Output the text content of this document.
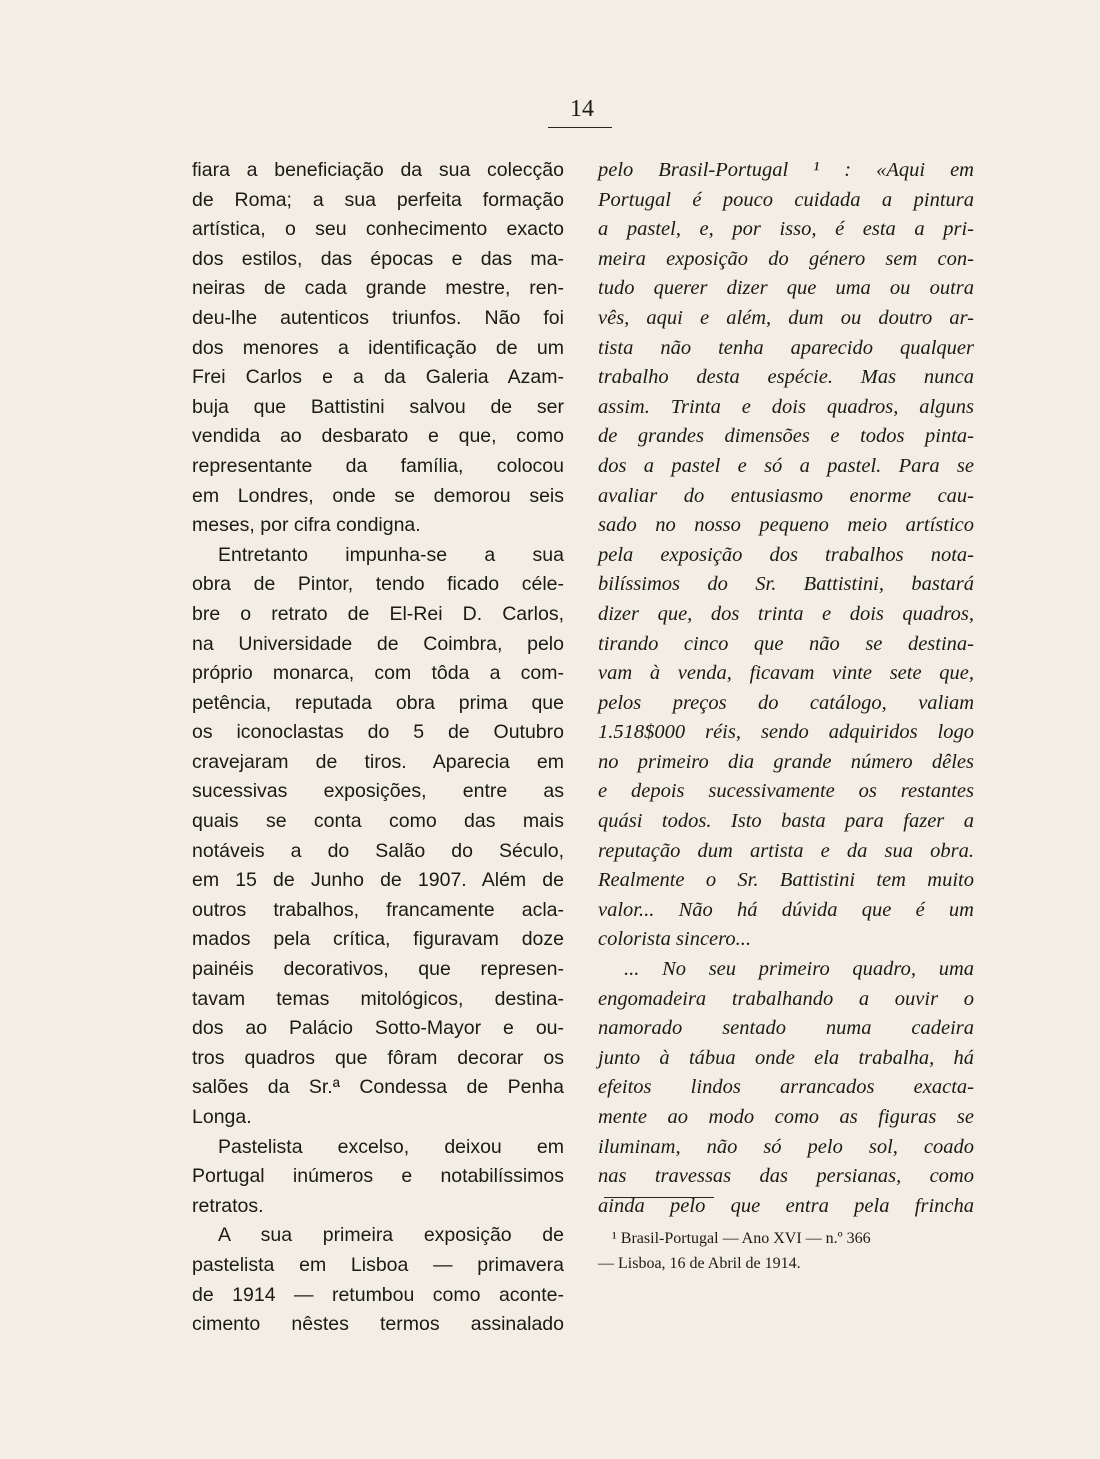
14
fiara a beneficiação da sua colecção
de Roma; a sua perfeita formação
artística, o seu conhecimento exacto
dos estilos, das épocas e das ma-
neiras de cada grande mestre, ren-
deu-lhe autenticos triunfos. Não foi
dos menores a identificação de um
Frei Carlos e a da Galeria Azam-
buja que Battistini salvou de ser
vendida ao desbarato e que, como
representante da família, colocou
em Londres, onde se demorou seis
meses, por cifra condigna.
Entretanto impunha-se a sua
obra de Pintor, tendo ficado céle-
bre o retrato de El-Rei D. Carlos,
na Universidade de Coimbra, pelo
próprio monarca, com tôda a com-
petência, reputada obra prima que
os iconoclastas do 5 de Outubro
cravejaram de tiros. Aparecia em
sucessivas exposições, entre as
quais se conta como das mais
notáveis a do Salão do Século,
em 15 de Junho de 1907. Além de
outros trabalhos, francamente acla-
mados pela crítica, figuravam doze
painéis decorativos, que represen-
tavam temas mitológicos, destina-
dos ao Palácio Sotto-Mayor e ou-
tros quadros que fôram decorar os
salões da Sr.ª Condessa de Penha
Longa.
Pastelista excelso, deixou em
Portugal inúmeros e notabilíssimos
retratos.
A sua primeira exposição de
pastelista em Lisboa — primavera
de 1914 — retumbou como aconte-
cimento nêstes termos assinalado
pelo Brasil-Portugal ¹ : «Aqui em
Portugal é pouco cuidada a pintura
a pastel, e, por isso, é esta a pri-
meira exposição do género sem con-
tudo querer dizer que uma ou outra
vês, aqui e além, dum ou doutro ar-
tista não tenha aparecido qualquer
trabalho desta espécie. Mas nunca
assim. Trinta e dois quadros, alguns
de grandes dimensões e todos pinta-
dos a pastel e só a pastel. Para se
avaliar do entusiasmo enorme cau-
sado no nosso pequeno meio artístico
pela exposição dos trabalhos nota-
bilíssimos do Sr. Battistini, bastará
dizer que, dos trinta e dois quadros,
tirando cinco que não se destina-
vam à venda, ficavam vinte sete que,
pelos preços do catálogo, valiam
1.518$000 réis, sendo adquiridos logo
no primeiro dia grande número dêles
e depois sucessivamente os restantes
quási todos. Isto basta para fazer a
reputação dum artista e da sua obra.
Realmente o Sr. Battistini tem muito
valor... Não há dúvida que é um
colorista sincero...
... No seu primeiro quadro, uma
engomadeira trabalhando a ouvir o
namorado sentado numa cadeira
junto à tábua onde ela trabalha, há
efeitos lindos arrancados exacta-
mente ao modo como as figuras se
iluminam, não só pelo sol, coado
nas travessas das persianas, como
ainda pelo que entra pela frincha
¹ Brasil-Portugal — Ano XVI — n.º 366
— Lisboa, 16 de Abril de 1914.
